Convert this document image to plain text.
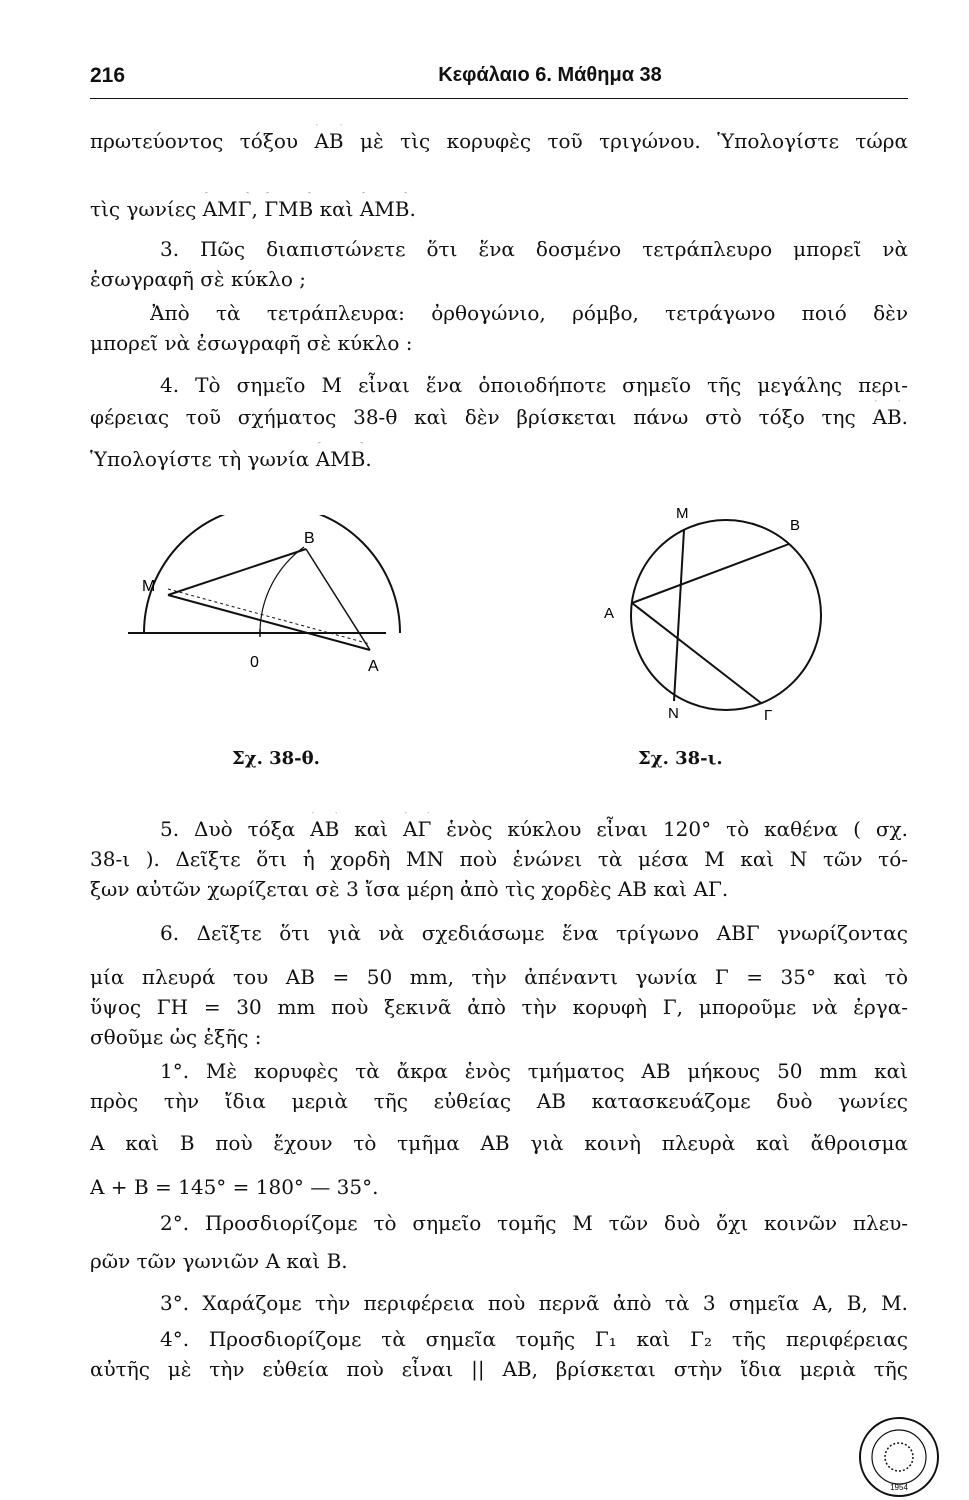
216	Κεφάλαιο 6. Μάθημα 38
πρωτεύοντος τόξου ΑΒ μὲ τὶς κορυφὲς τοῦ τριγώνου. Ὑπολογίστε τώρα
τὶς γωνίες ΑΜΓ, ΓΜΒ καὶ ΑΜΒ.
3. Πῶς διαπιστώνετε ὅτι ἕνα δοσμένο τετράπλευρο μπορεῖ νὰ
ἐσωγραφῆ σὲ κύκλο ;
Ἀπὸ τὰ τετράπλευρα: ὀρθογώνιο, ρόμβο, τετράγωνο ποιό δὲν
μπορεῖ νὰ ἐσωγραφῆ σὲ κύκλο :
4. Τὸ σημεῖο Μ εἶναι ἕνα ὁποιοδήποτε σημεῖο τῆς μεγάλης περι-
φέρειας τοῦ σχήματος 38-θ καὶ δὲν βρίσκεται πάνω στὸ τόξο της ΑΒ.
Ὑπολογίστε τὴ γωνία ΑΜΒ.
M
B
0	A
Σχ. 38-θ.
M
B
A
N	Γ
Σχ. 38-ι.
5. Δυὸ τόξα ΑΒ καὶ ΑΓ ἑνὸς κύκλου εἶναι 120° τὸ καθένα ( σχ.
38-ι ). Δεῖξτε ὅτι ἡ χορδὴ ΜΝ ποὺ ἑνώνει τὰ μέσα Μ καὶ Ν τῶν τό-
ξων αὐτῶν χωρίζεται σὲ 3 ἴσα μέρη ἀπὸ τὶς χορδὲς ΑΒ καὶ ΑΓ.
6. Δεῖξτε ὅτι γιὰ νὰ σχεδιάσωμε ἕνα τρίγωνο ΑΒΓ γνωρίζοντας
μία πλευρά του ΑΒ = 50 mm, τὴν ἀπέναντι γωνία Γ = 35° καὶ τὸ
ὕψος ΓΗ = 30 mm ποὺ ξεκινᾶ ἀπὸ τὴν κορυφὴ Γ, μποροῦμε νὰ ἐργα-
σθοῦμε ὡς ἑξῆς :
1°. Μὲ κορυφὲς τὰ ἄκρα ἑνὸς τμήματος ΑΒ μήκους 50 mm καὶ
πρὸς τὴν ἴδια μεριὰ τῆς εὐθείας ΑΒ κατασκευάζομε δυὸ γωνίες
Α καὶ Β ποὺ ἔχουν τὸ τμῆμα ΑΒ γιὰ κοινὴ πλευρὰ καὶ ἄθροισμα
Α + Β = 145° = 180° — 35°.
2°. Προσδιορίζομε τὸ σημεῖο τομῆς Μ τῶν δυὸ ὄχι κοινῶν πλευ-
ρῶν τῶν γωνιῶν Α καὶ Β.
3°. Χαράζομε τὴν περιφέρεια ποὺ περνᾶ ἀπὸ τὰ 3 σημεῖα Α, Β, Μ.
4°. Προσδιορίζομε τὰ σημεῖα τομῆς Γ₁ καὶ Γ₂ τῆς περιφέρειας
αὐτῆς μὲ τὴν εὐθεία ποὺ εἶναι || ΑΒ, βρίσκεται στὴν ἴδια μεριὰ τῆς
1954
